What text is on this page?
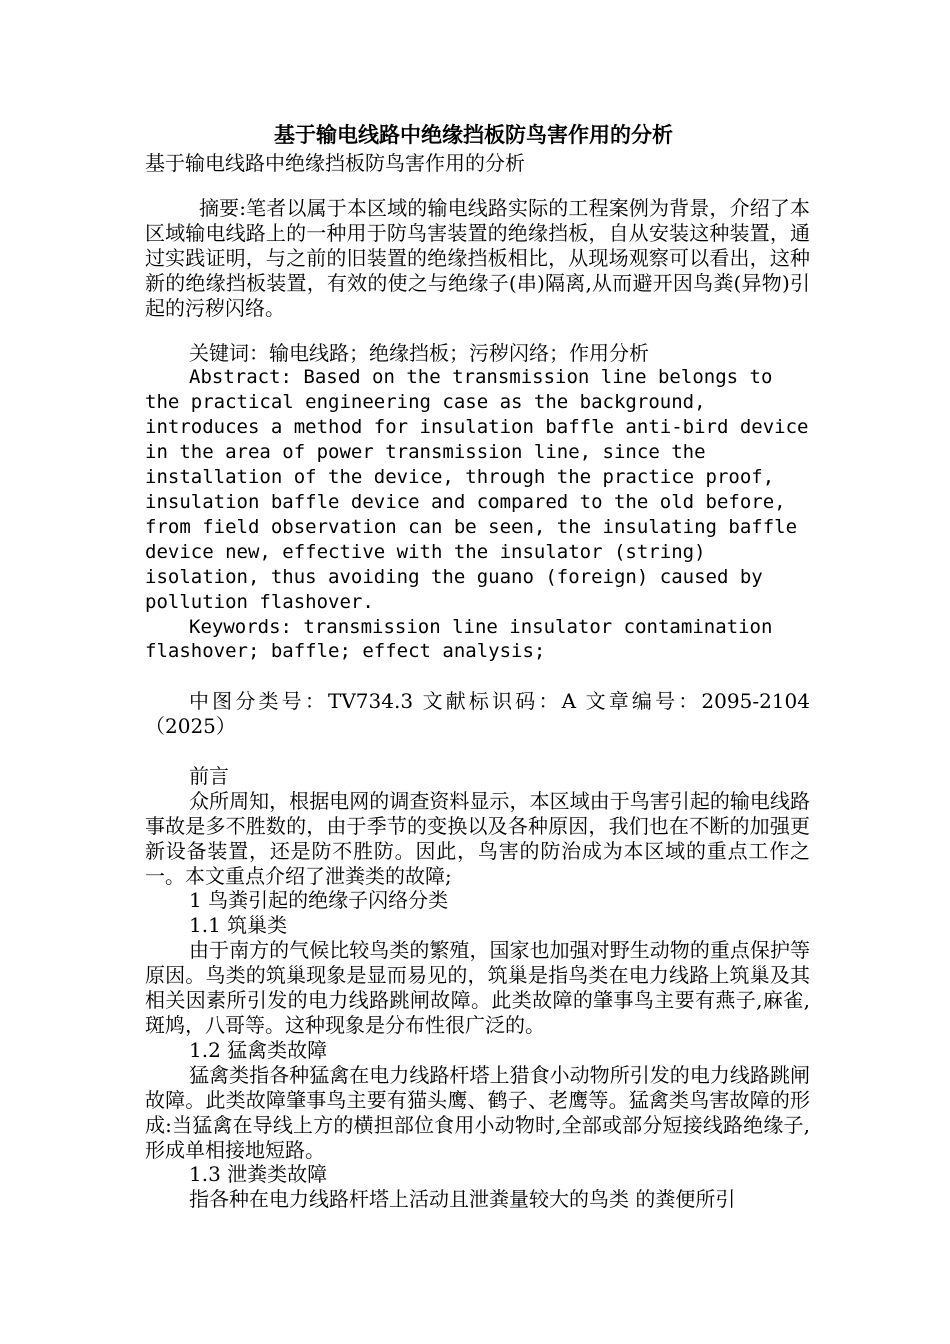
基于输电线路中绝缘挡板防鸟害作用的分析
基于输电线路中绝缘挡板防鸟害作用的分析

摘要:笔者以属于本区域的输电线路实际的工程案例为背景，介绍了本区域输电线路上的一种用于防鸟害装置的绝缘挡板，自从安装这种装置，通过实践证明，与之前的旧装置的绝缘挡板相比，从现场观察可以看出，这种新的绝缘挡板装置，有效的使之与绝缘子(串)隔离,从而避开因鸟粪(异物)引起的污秽闪络。

关键词：输电线路；绝缘挡板；污秽闪络；作用分析

Abstract: Based on the transmission line belongs to the practical engineering case as the background, introduces a method for insulation baffle anti-bird device in the area of power transmission line, since the installation of the device, through the practice proof, insulation baffle device and compared to the old before, from field observation can be seen, the insulating baffle device new, effective with the insulator (string) isolation, thus avoiding the guano (foreign) caused by pollution flashover.

Keywords: transmission line insulator contamination flashover; baffle; effect analysis;

中图分类号：TV734.3 文献标识码：A 文章编号：2095-2104（2025）

前言

众所周知，根据电网的调查资料显示，本区域由于鸟害引起的输电线路事故是多不胜数的，由于季节的变换以及各种原因，我们也在不断的加强更新设备装置，还是防不胜防。因此，鸟害的防治成为本区域的重点工作之一。本文重点介绍了泄粪类的故障;

1 鸟粪引起的绝缘子闪络分类

1.1 筑巢类

由于南方的气候比较鸟类的繁殖，国家也加强对野生动物的重点保护等原因。鸟类的筑巢现象是显而易见的，筑巢是指鸟类在电力线路上筑巢及其相关因素所引发的电力线路跳闸故障。此类故障的肇事鸟主要有燕子,麻雀,斑鸠，八哥等。这种现象是分布性很广泛的。

1.2 猛禽类故障

猛禽类指各种猛禽在电力线路杆塔上猎食小动物所引发的电力线路跳闸故障。此类故障肇事鸟主要有猫头鹰、鹤子、老鹰等。猛禽类鸟害故障的形成:当猛禽在导线上方的横担部位食用小动物时,全部或部分短接线路绝缘子,形成单相接地短路。

1.3 泄粪类故障

指各种在电力线路杆塔上活动且泄粪量较大的鸟类 的粪便所引
